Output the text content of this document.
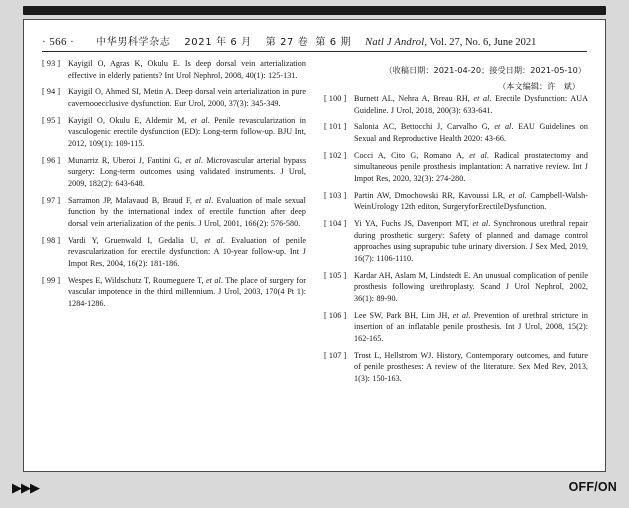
· 566 · 中华男科学杂志 2021 年 6 月 第 27 卷 第 6 期 Natl J Androl , Vol. 27 , No. 6 , June 2021
[ 93 ] Kayigil O, Agras K, Okulu E. Is deep dorsal vein arterialization effective in elderly patients? Int Urol Nephrol, 2008, 40(1): 125-131.
[ 94 ] Kayigil O, Ahmed SI, Metin A. Deep dorsal vein arterialization in pure cavernooecclusive dysfunction. Eur Urol, 2000, 37(3): 345-349.
[ 95 ] Kayigil O, Okulu E, Aldemir M, et al. Penile revascularization in vasculogenic erectile dysfunction (ED): Long-term follow-up. BJU Int, 2012, 109(1): 109-115.
[ 96 ] Munarriz R, Uberoi J, Fantini G, et al. Microvascular arterial bypass surgery: Long-term outcomes using validated instruments. J Urol, 2009, 182(2): 643-648.
[ 97 ] Sarramon JP, Malavaud B, Braud F, et al. Evaluation of male sexual function by the international index of erectile function after deep dorsal vein arterialization of the penis. J Urol, 2001, 166(2): 576-580.
[ 98 ] Vardi Y, Gruenwald I, Gedalia U, et al. Evaluation of penile revascularization for erectile dysfunction: A 10-year follow-up. Int J Impot Res, 2004, 16(2): 181-186.
[ 99 ] Wespes E, Wildschutz T, Roumeguere T, et al. The place of surgery for vascular impotence in the third millennium. J Urol, 2003, 170(4 Pt 1): 1284-1286.
（收稿日期：2021-04-20；接受日期：2021-05-10）
（本文编辑：许　斌）
[ 100 ] Burnett AL, Nehra A, Breau RH, et al. Erectile Dysfunction: AUA Guideline. J Urol, 2018, 200(3): 633-641.
[ 101 ] Salonia AC, Bettocchi J, Carvalho G, et al. EAU Guidelines on Sexual and Reproductive Health 2020: 43-66.
[ 102 ] Cocci A, Cito G, Romano A, et al. Radical prostatectomy and simultaneous penile prosthesis implantation: A narrative review. Int J Impot Res, 2020, 32(3): 274-280.
[ 103 ] Partin AW, Dmochowski RR, Kavoussi LR, et al. Campbell-Walsh-WeinUrology 12th editon, SurgeryforErectileDysfunction.
[ 104 ] Yi YA, Fuchs JS, Davenport MT, et al. Synchronous urethral repair during prosthetic surgery: Safety of planned and damage control approaches using suprapubic tube urinary diversion. J Sex Med, 2019, 16(7): 1106-1110.
[ 105 ] Kardar AH, Aslam M, Lindstedt E. An unusual complication of penile prosthesis following urethroplasty. Scand J Urol Nephrol, 2002, 36(1): 89-90.
[ 106 ] Lee SW, Park BH, Lim JH, et al. Prevention of urethral stricture in insertion of an inflatable penile prosthesis. Int J Urol, 2008, 15(2): 162-165.
[ 107 ] Trost L, Hellstrom WJ. History, Contemporary outcomes, and future of penile prostheses: A review of the literature. Sex Med Rev, 2013, 1(3): 150-163.
▶▶▶	OFF/ON
